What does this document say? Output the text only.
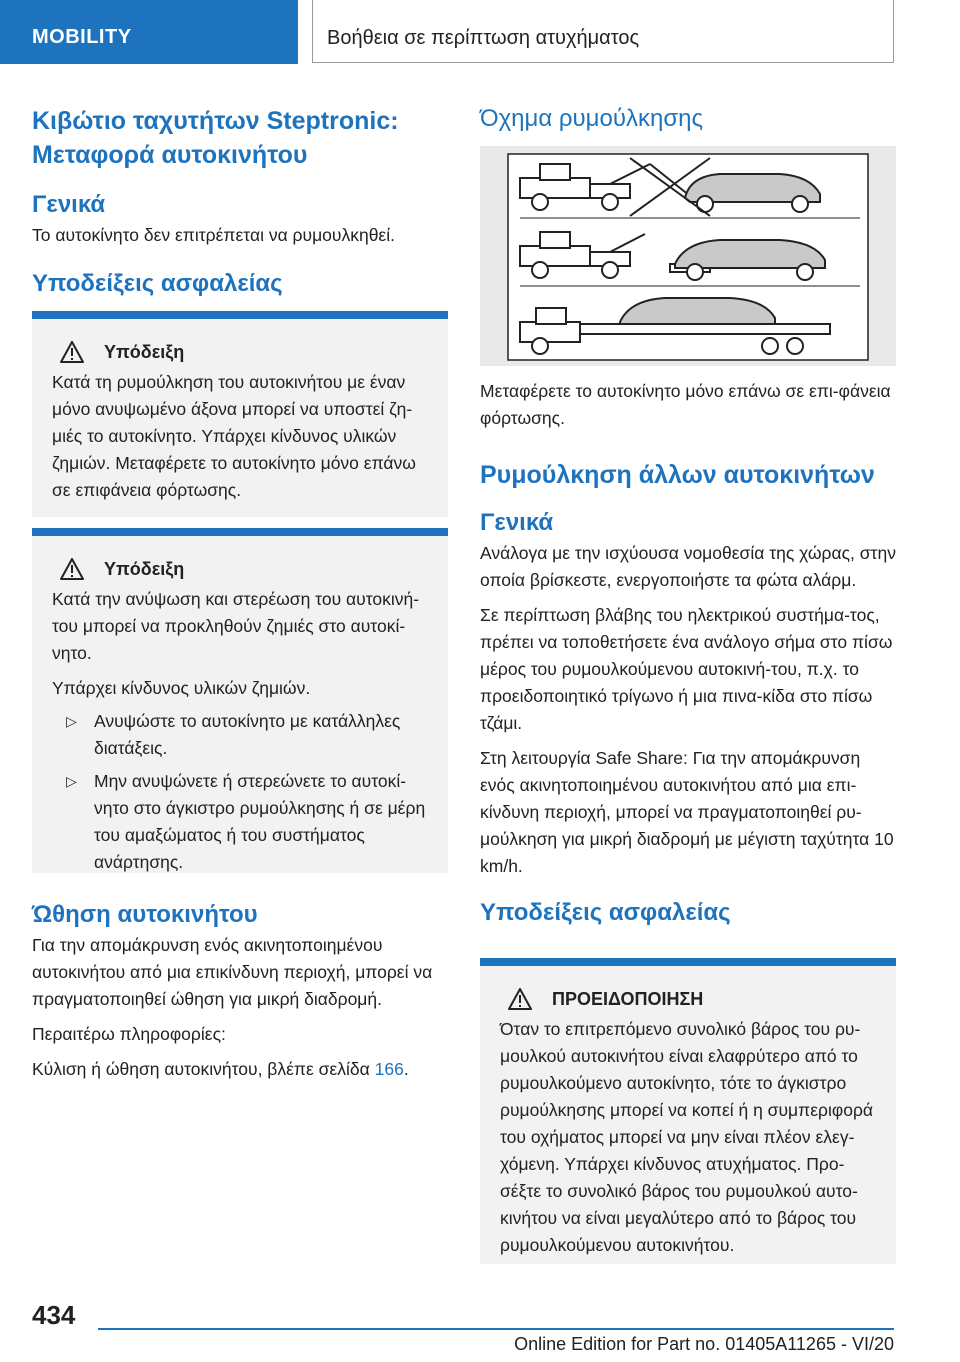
MOBILITY	Βοήθεια σε περίπτωση ατυχήματος
Κιβώτιο ταχυτήτων Steptronic: Μεταφορά αυτοκινήτου
Γενικά

Το αυτοκίνητο δεν επιτρέπεται να ρυμουλκηθεί.

Υποδείξεις ασφαλείας
Υπόδειξη

Κατά τη ρυμούλκηση του αυτοκινήτου με έναν μόνο ανυψωμένο άξονα μπορεί να υποστεί ζη-μιές το αυτοκίνητο. Υπάρχει κίνδυνος υλικών ζημιών. Μεταφέρετε το αυτοκίνητο μόνο επάνω σε επιφάνεια φόρτωσης.

Υπόδειξη

Κατά την ανύψωση και στερέωση του αυτοκινή-του μπορεί να προκληθούν ζημιές στο αυτοκί-νητο.

Υπάρχει κίνδυνος υλικών ζημιών.

▷ Ανυψώστε το αυτοκίνητο με κατάλληλες διατάξεις.
▷ Μην ανυψώνετε ή στερεώνετε το αυτοκί-νητο στο άγκιστρο ρυμούλκησης ή σε μέρη του αμαξώματος ή του συστήματος ανάρτησης.
Ώθηση αυτοκινήτου

Για την απομάκρυνση ενός ακινητοποιημένου αυτοκινήτου από μια επικίνδυνη περιοχή, μπορεί να πραγματοποιηθεί ώθηση για μικρή διαδρομή.

Περαιτέρω πληροφορίες:

Κύλιση ή ώθηση αυτοκινήτου, βλέπε σελίδα 166.

Όχημα ρυμούλκησης

Μεταφέρετε το αυτοκίνητο μόνο επάνω σε επι-φάνεια φόρτωσης.

Ρυμούλκηση άλλων αυτοκινήτων
Γενικά

Ανάλογα με την ισχύουσα νομοθεσία της χώρας, στην οποία βρίσκεστε, ενεργοποιήστε τα φώτα αλάρμ.

Σε περίπτωση βλάβης του ηλεκτρικού συστήμα-τος, πρέπει να τοποθετήσετε ένα ανάλογο σήμα στο πίσω μέρος του ρυμουλκούμενου αυτοκινή-του, π.χ. το προειδοποιητικό τρίγωνο ή μια πινα-κίδα στο πίσω τζάμι.

Στη λειτουργία Safe Share: Για την απομάκρυνση ενός ακινητοποιημένου αυτοκινήτου από μια επι-κίνδυνη περιοχή, μπορεί να πραγματοποιηθεί ρυ-μούλκηση για μικρή διαδρομή με μέγιστη ταχύτητα 10 km/h.

Υποδείξεις ασφαλείας
ΠΡΟΕΙΔΟΠΟΙΗΣΗ

Όταν το επιτρεπόμενο συνολικό βάρος του ρυ-μουλκού αυτοκινήτου είναι ελαφρύτερο από το ρυμουλκούμενο αυτοκίνητο, τότε το άγκιστρο ρυμούλκησης μπορεί να κοπεί ή η συμπεριφορά του οχήματος μπορεί να μην είναι πλέον ελεγ-χόμενη. Υπάρχει κίνδυνος ατυχήματος. Προ-σέξτε το συνολικό βάρος του ρυμουλκού αυτο-κινήτου να είναι μεγαλύτερο από το βάρος του ρυμουλκούμενου αυτοκινήτου.

434
Online Edition for Part no. 01405A11265 - VI/20
